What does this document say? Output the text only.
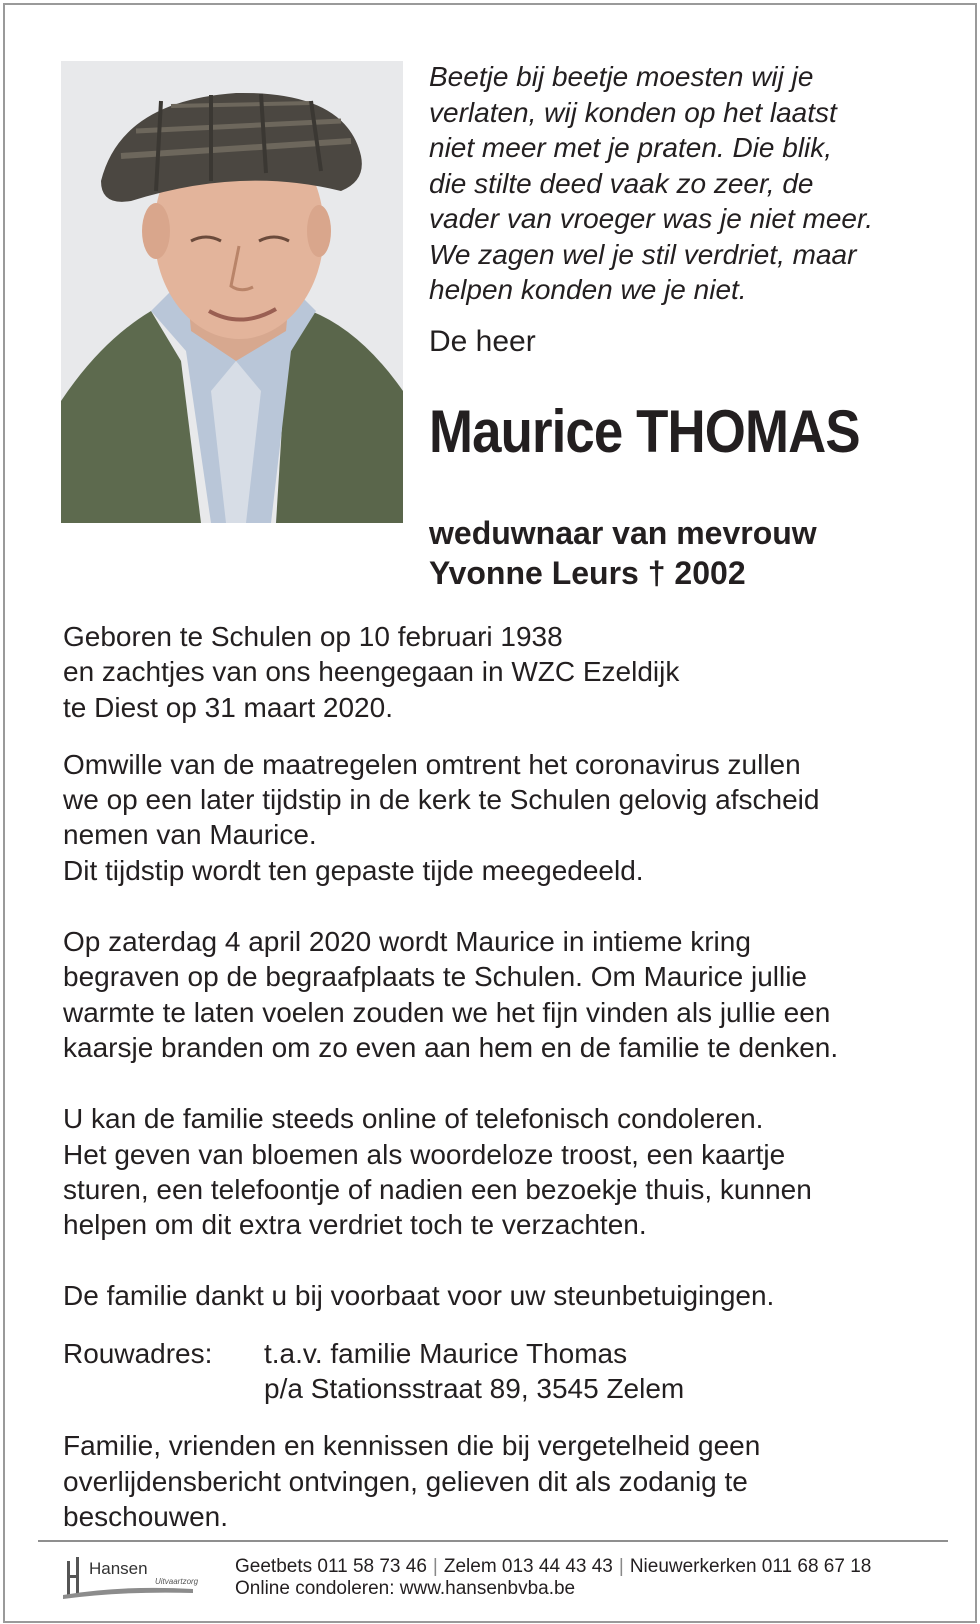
Beetje bij beetje moesten wij je
verlaten, wij konden op het laatst
niet meer met je praten. Die blik,
die stilte deed vaak zo zeer, de
vader van vroeger was je niet meer.
We zagen wel je stil verdriet, maar
helpen konden we je niet.
De heer
Maurice THOMAS
weduwnaar van mevrouw
Yvonne Leurs † 2002

Geboren te Schulen op 10 februari 1938
en zachtjes van ons heengegaan in WZC Ezeldijk
te Diest op 31 maart 2020.

Omwille van de maatregelen omtrent het coronavirus zullen
we op een later tijdstip in de kerk te Schulen gelovig afscheid
nemen van Maurice.
Dit tijdstip wordt ten gepaste tijde meegedeeld.

Op zaterdag 4 april 2020 wordt Maurice in intieme kring
begraven op de begraafplaats te Schulen. Om Maurice jullie
warmte te laten voelen zouden we het fijn vinden als jullie een
kaarsje branden om zo even aan hem en de familie te denken.

U kan de familie steeds online of telefonisch condoleren.
Het geven van bloemen als woordeloze troost, een kaartje
sturen, een telefoontje of nadien een bezoekje thuis, kunnen
helpen om dit extra verdriet toch te verzachten.

De familie dankt u bij voorbaat voor uw steunbetuigingen.

Rouwadres:	t.a.v. familie Maurice Thomas
p/a Stationsstraat 89, 3545 Zelem

Familie, vrienden en kennissen die bij vergetelheid geen
overlijdensbericht ontvingen, gelieven dit als zodanig te
beschouwen.

Hansen
Uitvaartzorg
Geetbets 011 58 73 46 | Zelem 013 44 43 43 | Nieuwerkerken 011 68 67 18
Online condoleren: www.hansenbvba.be
